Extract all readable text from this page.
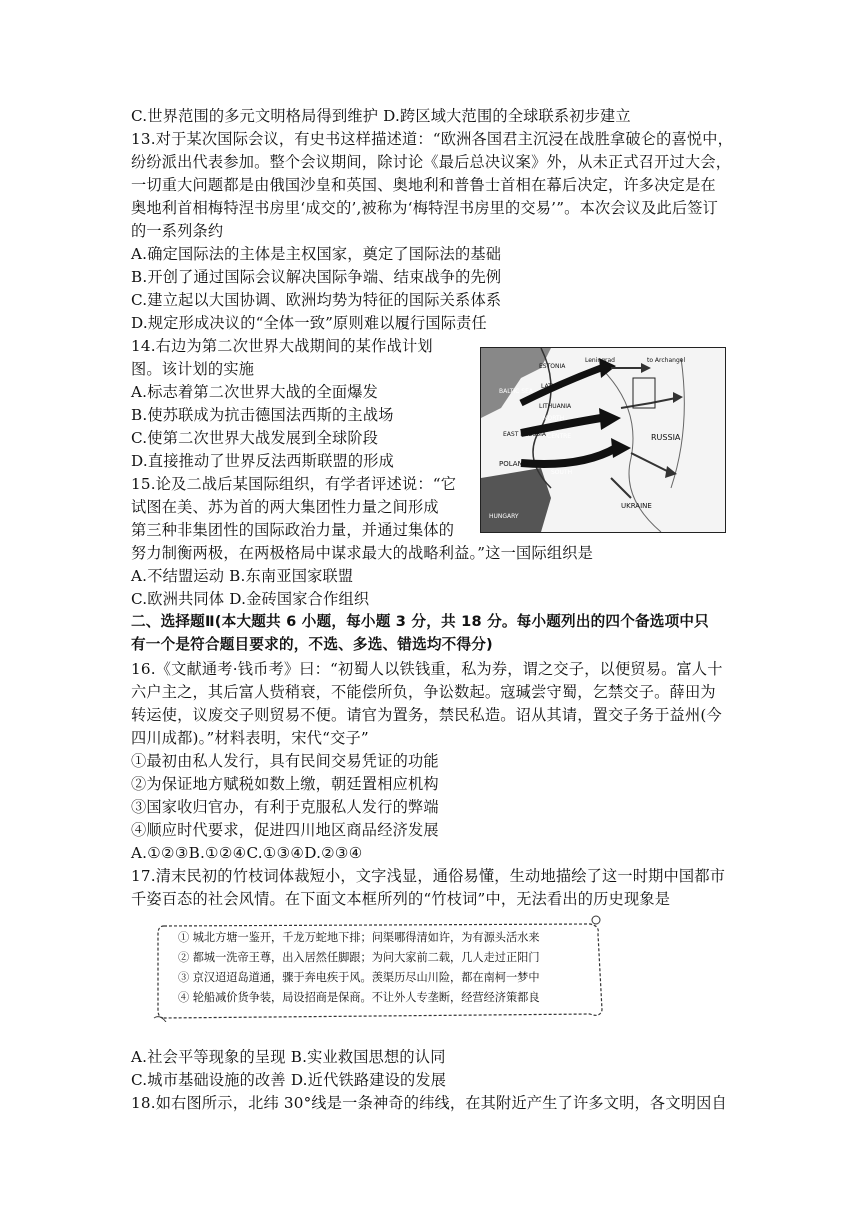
C.世界范围的多元文明格局得到维护 D.跨区域大范围的全球联系初步建立
13.对于某次国际会议，有史书这样描述道：“欧洲各国君主沉浸在战胜拿破仑的喜悦中，
纷纷派出代表参加。整个会议期间，除讨论《最后总决议案》外，从未正式召开过大会，
一切重大问题都是由俄国沙皇和英国、奥地利和普鲁士首相在幕后决定，许多决定是在
奥地利首相梅特涅书房里‘成交的’,被称为‘梅特涅书房里的交易’”。本次会议及此后签订
的一系列条约
A.确定国际法的主体是主权国家，奠定了国际法的基础
B.开创了通过国际会议解决国际争端、结束战争的先例
C.建立起以大国协调、欧洲均势为特征的国际关系体系
D.规定形成决议的“全体一致”原则难以履行国际责任
14.右边为第二次世界大战期间的某作战计划
图。该计划的实施
A.标志着第二次世界大战的全面爆发
B.使苏联成为抗击德国法西斯的主战场
C.使第二次世界大战发展到全球阶段
D.直接推动了世界反法西斯联盟的形成
15.论及二战后某国际组织，有学者评述说：“它
试图在美、苏为首的两大集团性力量之间形成
第三种非集团性的国际政治力量，并通过集体的
努力制衡两极，在两极格局中谋求最大的战略利益。”这一国际组织是
A.不结盟运动 B.东南亚国家联盟
C.欧洲共同体 D.金砖国家合作组织
二、选择题Ⅱ(本大题共 6 小题，每小题 3 分，共 18 分。每小题列出的四个备选项中只
有一个是符合题目要求的，不选、多选、错选均不得分)
16.《文献通考·钱币考》曰：“初蜀人以铁钱重，私为券，谓之交子，以便贸易。富人十
六户主之，其后富人赀稍衰，不能偿所负，争讼数起。寇瑊尝守蜀，乞禁交子。薛田为
转运使，议废交子则贸易不便。请官为置务，禁民私造。诏从其请，置交子务于益州(今
四川成都)。”材料表明，宋代“交子”
①最初由私人发行，具有民间交易凭证的功能
②为保证地方赋税如数上缴，朝廷置相应机构
③国家收归官办，有利于克服私人发行的弊端
④顺应时代要求，促进四川地区商品经济发展
A.①②③B.①②④C.①③④D.②③④
17.清末民初的竹枝词体裁短小，文字浅显，通俗易懂，生动地描绘了这一时期中国都市
千姿百态的社会风情。在下面文本框所列的“竹枝词”中，无法看出的历史现象是
A.社会平等现象的呈现 B.实业救国思想的认同
C.城市基础设施的改善 D.近代铁路建设的发展
18.如右图所示，北纬 30°线是一条神奇的纬线，在其附近产生了许多文明，各文明因自
Leningrad
ESTONIA
LATVIA
BALTIC SEA
LITHUANIA
NORTH
CENTRE
EAST PRUSSIA	RUSSIA
POLAND
SOUTH
HUNGARY
UKRAINE
to Archangel
① 城北方塘一鉴开，千龙万蛇地下排；问渠哪得清如许，为有源头活水来
② 都城一洗帝王尊，出入居然任脚跟；为问大家前二载，几人走过正阳门
③ 京汉迢迢岛道通，骤于奔电疾于风。羡渠历尽山川险，都在南柯一梦中
④ 轮船减价货争装，局设招商是保商。不让外人专垄断，经营经济策都良
